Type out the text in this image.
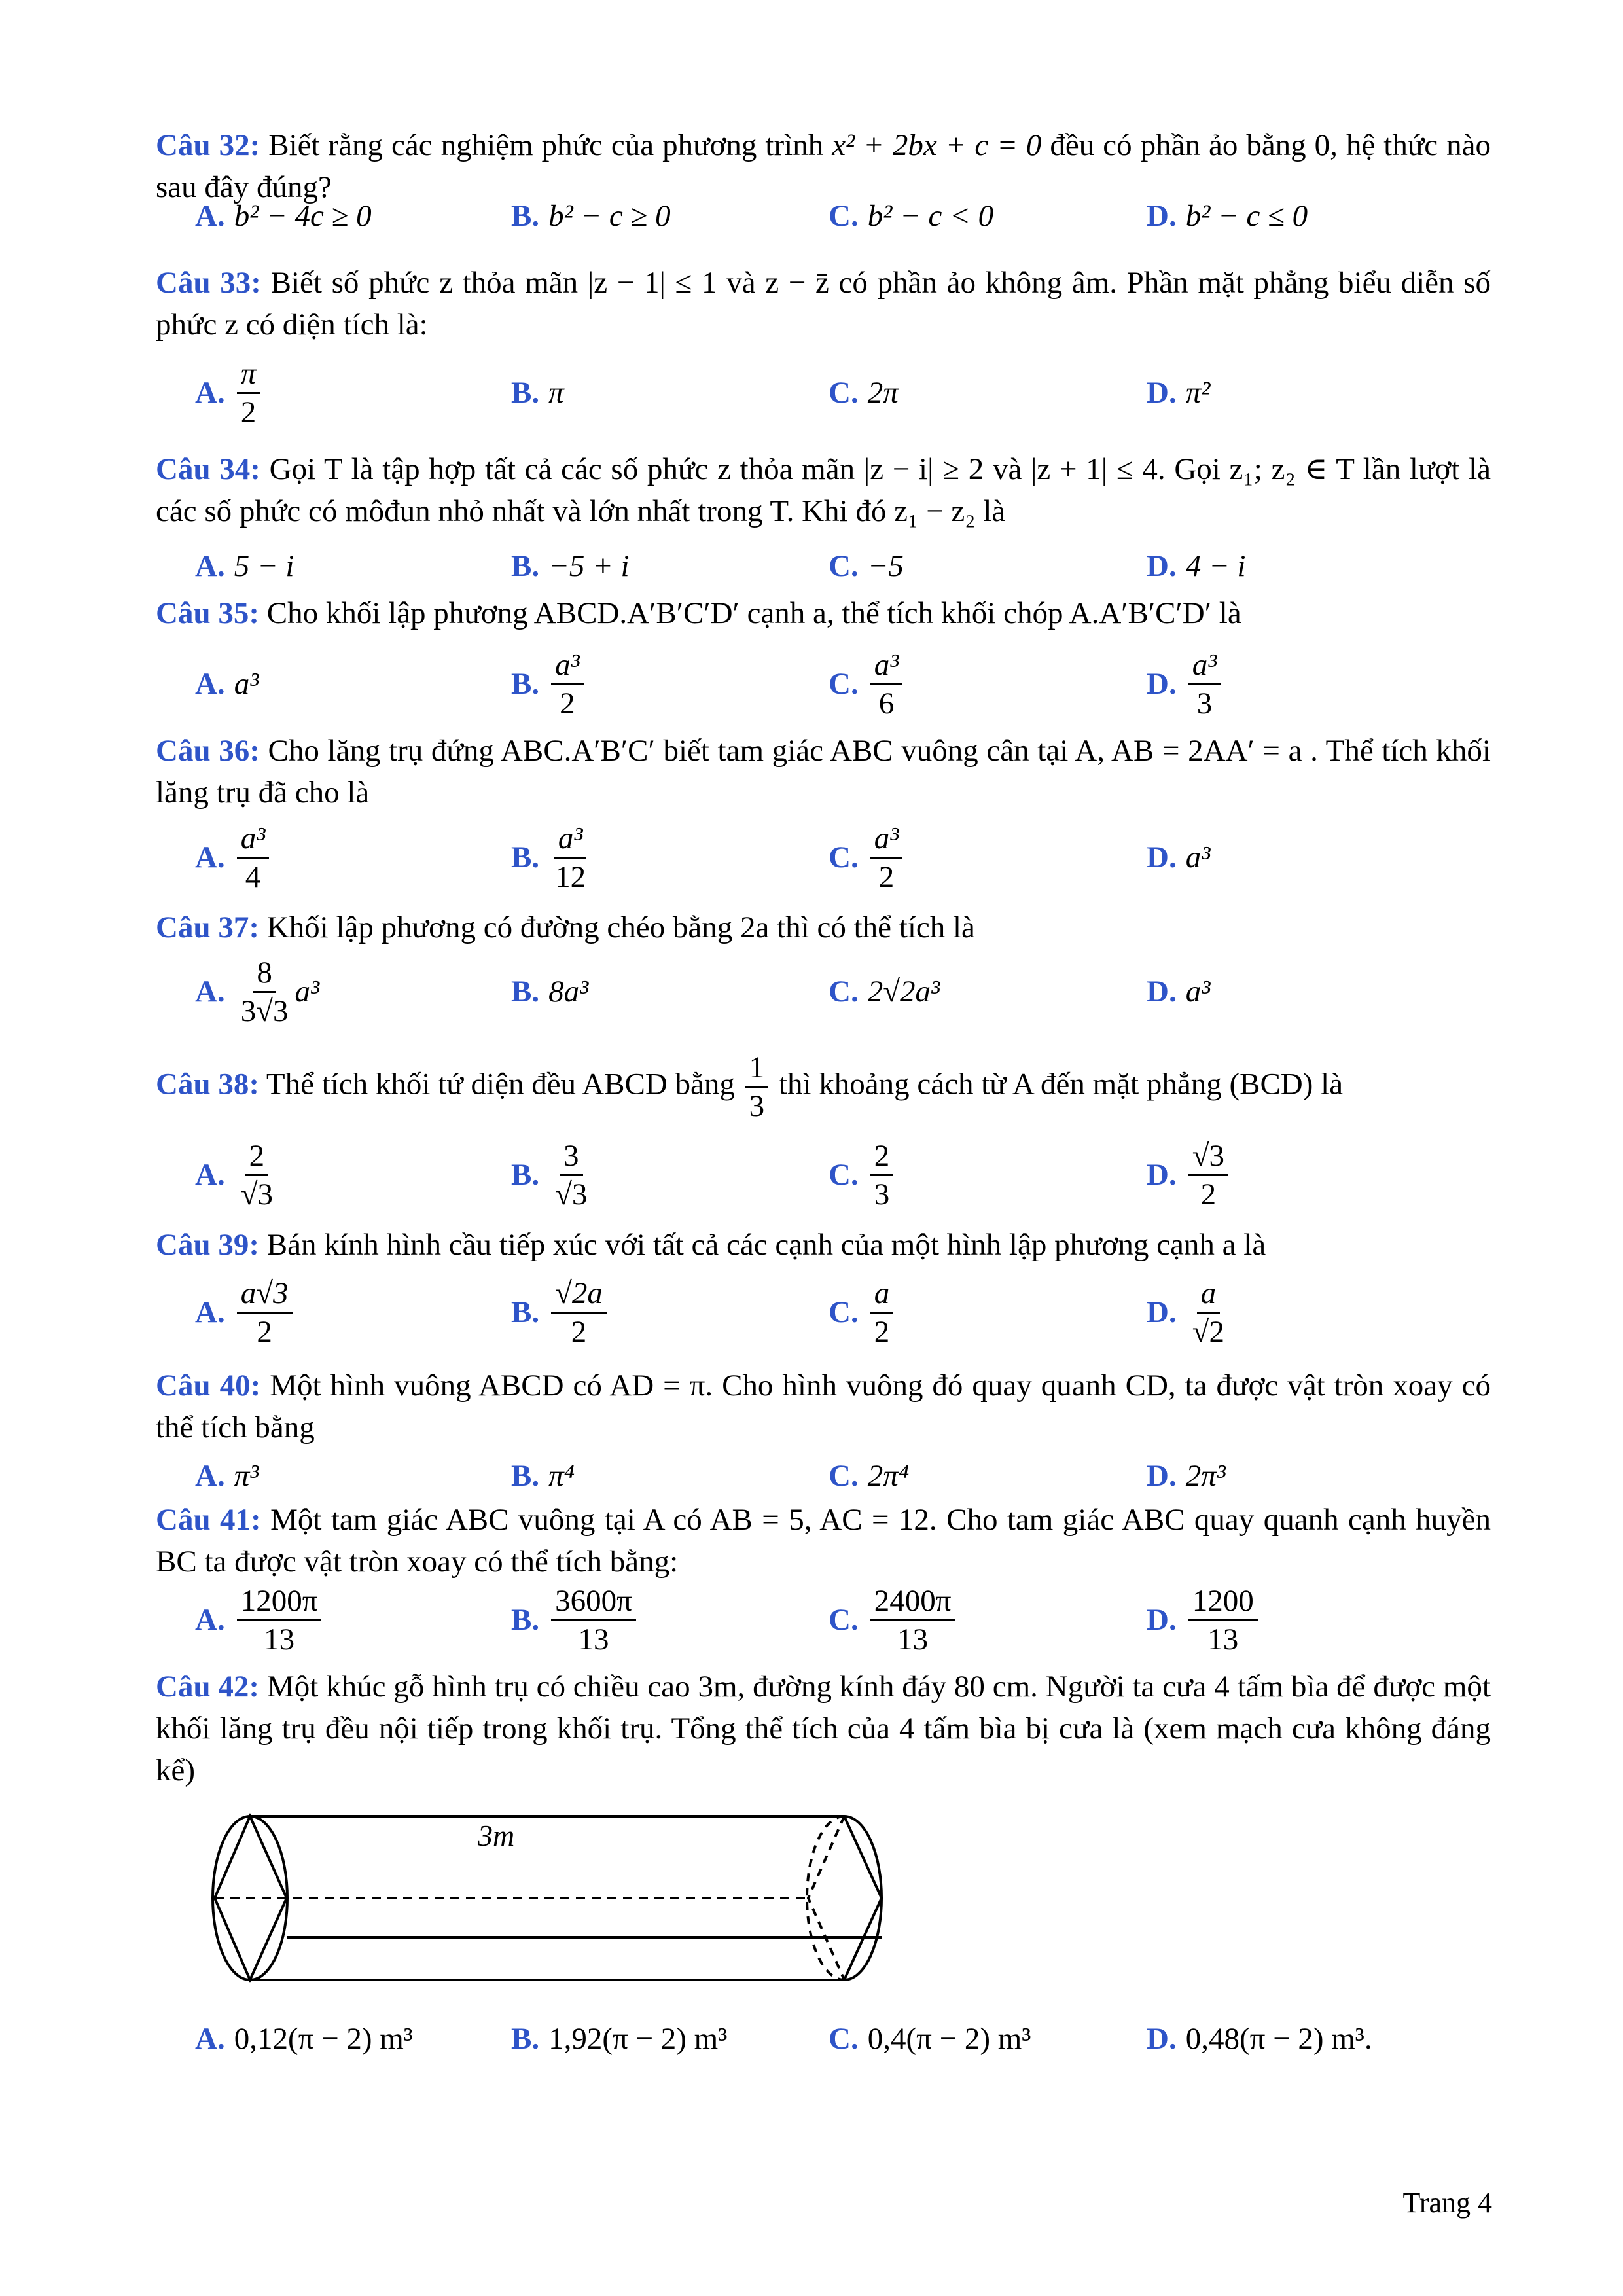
Câu 32: Biết rằng các nghiệm phức của phương trình x² + 2bx + c = 0 đều có phần ảo bằng 0, hệ thức nào sau đây đúng?
A. b² − 4c ≥ 0	B. b² − c ≥ 0	C. b² − c < 0	D. b² − c ≤ 0
Câu 33: Biết số phức z thỏa mãn |z − 1| ≤ 1 và z − z̄ có phần ảo không âm. Phần mặt phẳng biểu diễn số phức z có diện tích là:
A. $\frac{\pi}{2}$	B. π	C. 2π	D. π²
Câu 34: Gọi T là tập hợp tất cả các số phức z thỏa mãn |z − i| ≥ 2 và |z + 1| ≤ 4. Gọi z₁; z₂ ∈ T lần lượt là các số phức có môđun nhỏ nhất và lớn nhất trong T. Khi đó z₁ − z₂ là
A. 5 − i	B. −5 + i	C. −5	D. 4 − i
Câu 35: Cho khối lập phương ABCD.A′B′C′D′ cạnh a, thể tích khối chóp A.A′B′C′D′ là
A. a³	B. $\frac{\text{a³}}{2}$	C. $\frac{\text{a³}}{6}$	D. $\frac{\text{a³}}{3}$
Câu 36: Cho lăng trụ đứng ABC.A′B′C′ biết tam giác ABC vuông cân tại A, AB = 2AA′ = a . Thể tích khối lăng trụ đã cho là
A. $\frac{\text{a³}}{4}$	B. $\frac{\text{a³}}{12}$	C. $\frac{\text{a³}}{2}$	D. a³
Câu 37: Khối lập phương có đường chéo bằng 2a thì có thể tích là
A. $\frac{8}{3√3} a^3$	B. 8a³	C. 2√2a³	D. a³
Câu 38: Thể tích khối tứ diện đều ABCD bằng $\frac{1}{3}$ thì khoảng cách từ A đến mặt phẳng (BCD) là
A. $\frac{2}{√3}$	B. $\frac{3}{√3}$	C. $\frac{2}{3}$	D. $\frac{√3}{2}$
Câu 39: Bán kính hình cầu tiếp xúc với tất cả các cạnh của một hình lập phương cạnh a là
A. $\frac{a√3}{2}$	B. $\frac{√2a}{2}$	C. $\frac{a}{2}$	D. $\frac{a}{√2}$
Câu 40: Một hình vuông ABCD có AD = π. Cho hình vuông đó quay quanh CD, ta được vật tròn xoay có thể tích bằng
A. π³	B. π⁴	C. 2π⁴	D. 2π³
Câu 41: Một tam giác ABC vuông tại A có AB = 5, AC = 12. Cho tam giác ABC quay quanh cạnh huyền BC ta được vật tròn xoay có thể tích bằng:
A. $\frac{1200\pi}{13}$	B. $\frac{3600\pi}{13}$	C. $\frac{2400\pi}{13}$	D. $\frac{1200}{13}$
Câu 42: Một khúc gỗ hình trụ có chiều cao 3m, đường kính đáy 80 cm. Người ta cưa 4 tấm bìa để được một khối lăng trụ đều nội tiếp trong khối trụ. Tổng thể tích của 4 tấm bìa bị cưa là (xem mạch cưa không đáng kể)
3m
A. 0,12(π − 2) m³	B. 1,92(π − 2) m³	C. 0,4(π − 2) m³	D. 0,48(π − 2) m³.
Trang 4
